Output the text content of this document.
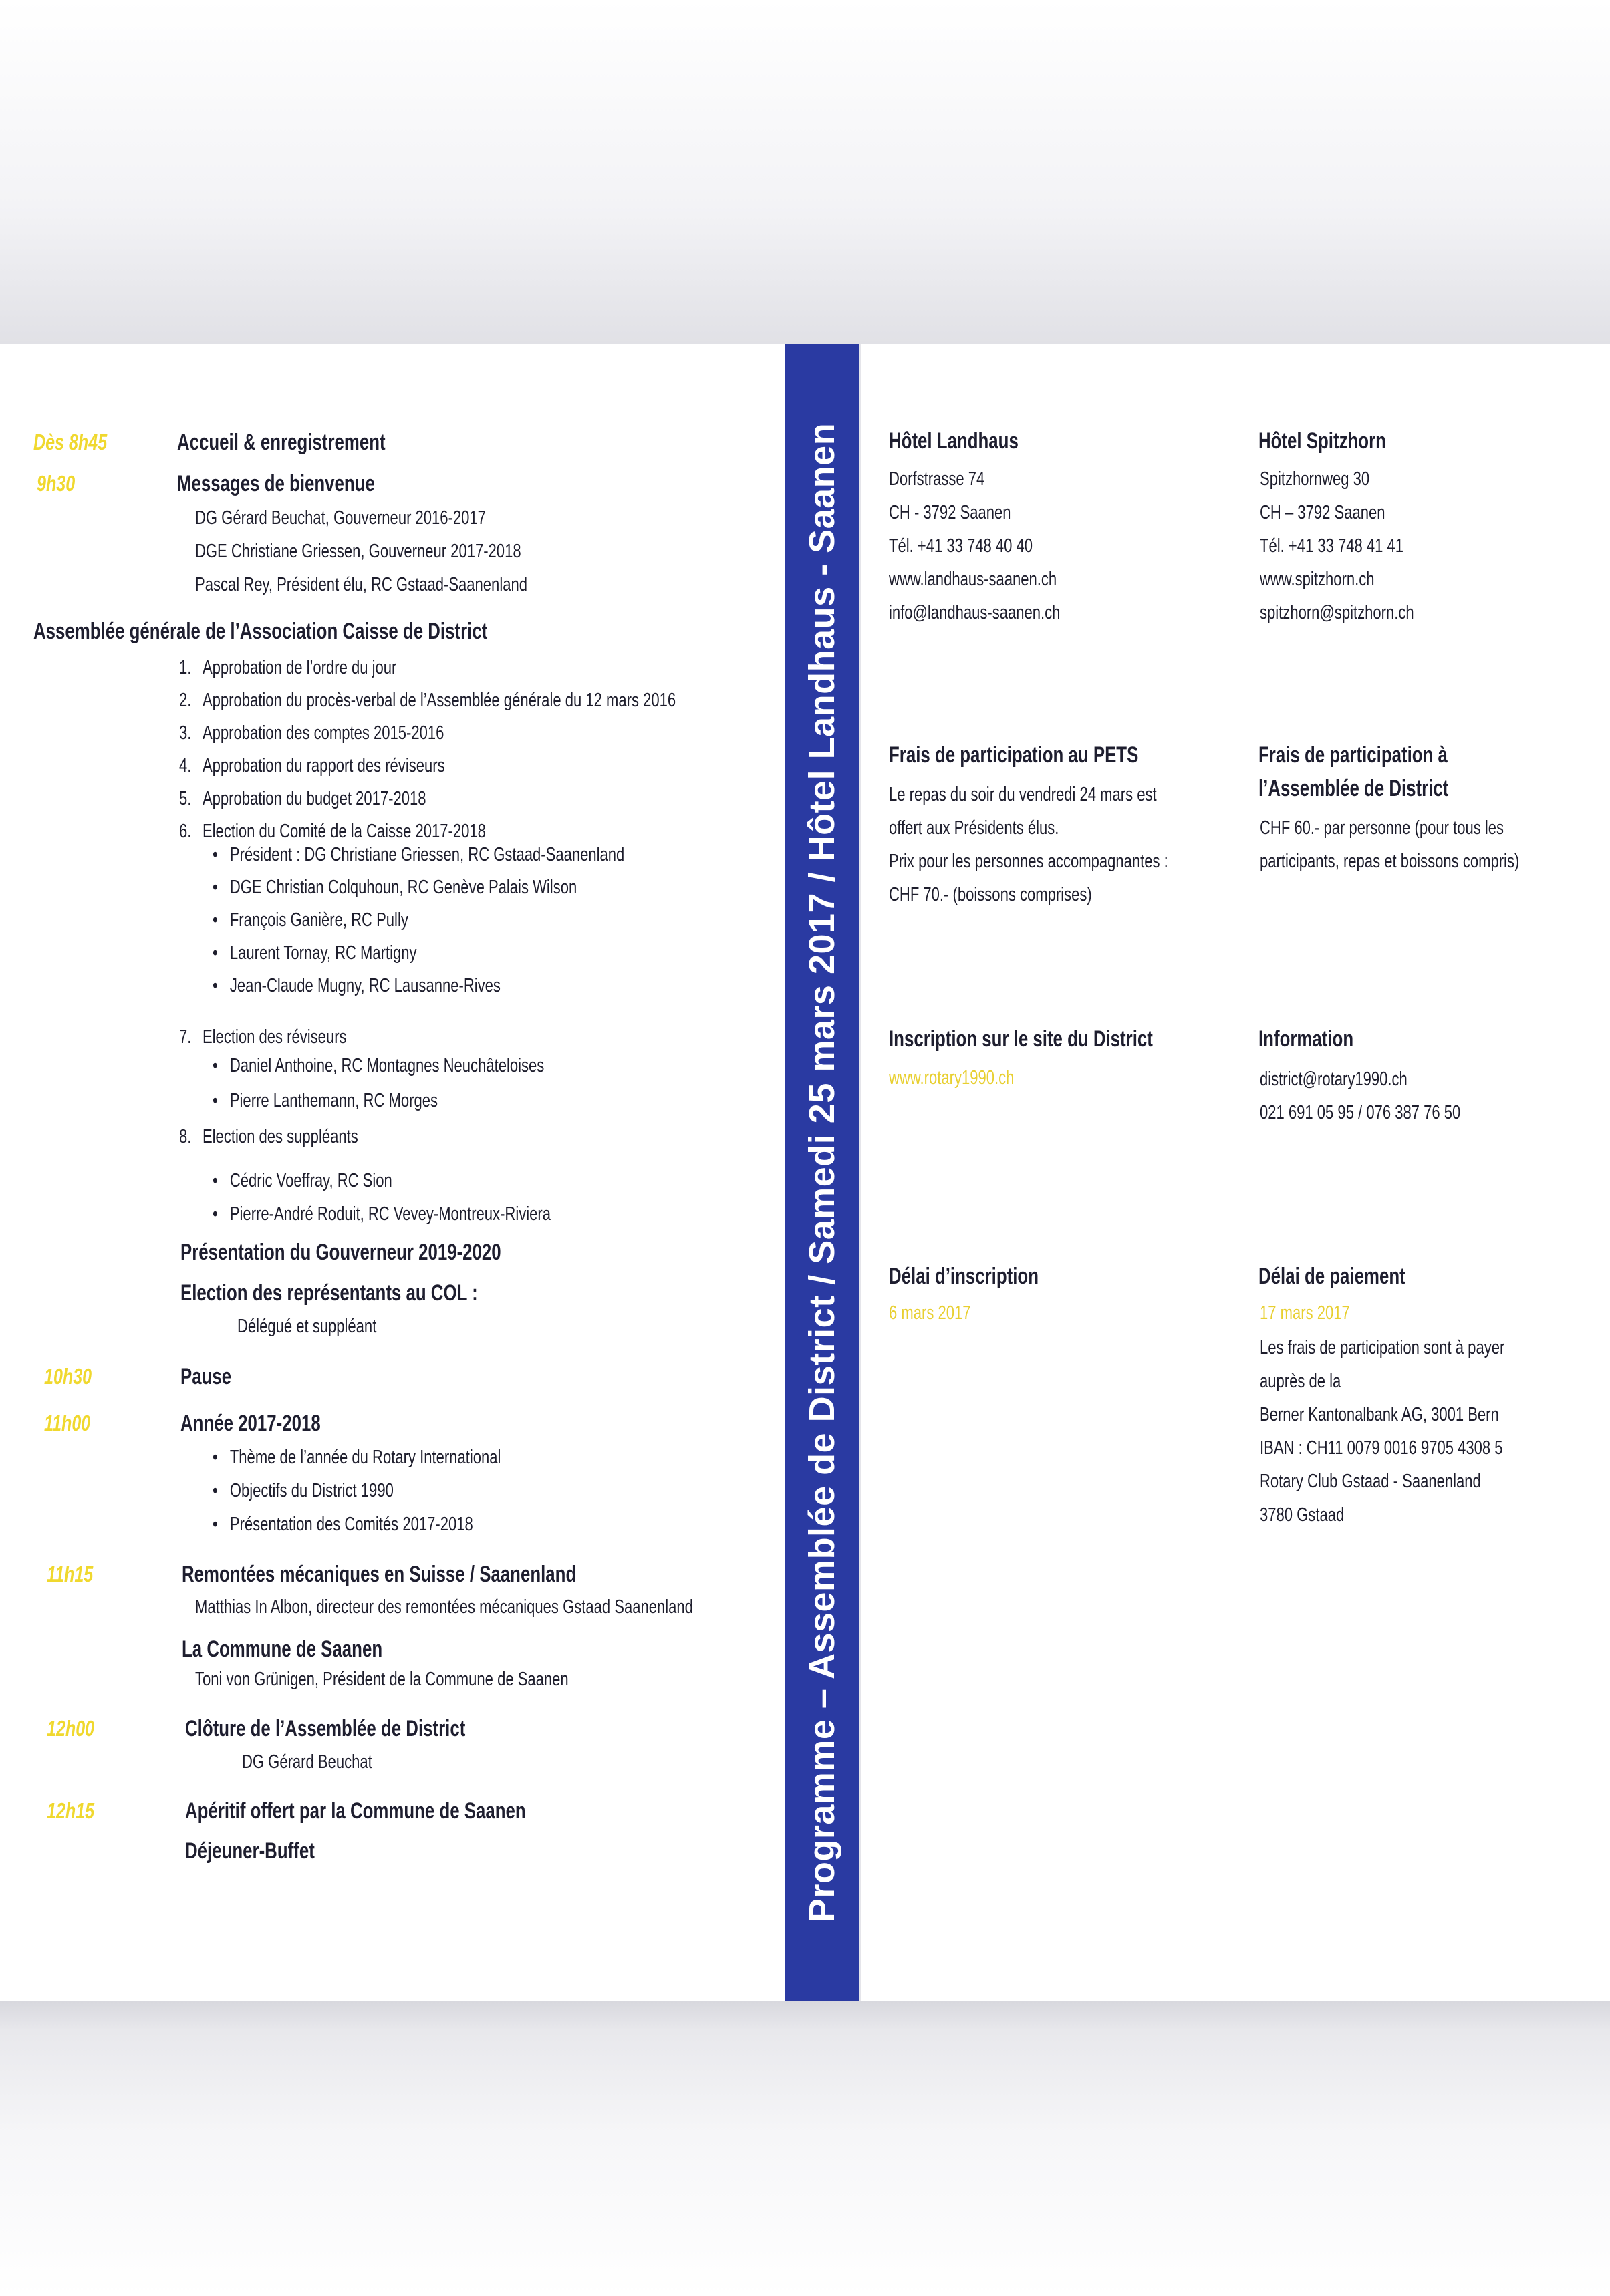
Dès 8h45	Accueil & enregistrement

9h30	Messages de bienvenue

DG Gérard Beuchat, Gouverneur 2016-2017

DGE Christiane Griessen, Gouverneur 2017-2018

Pascal Rey, Président élu, RC Gstaad-Saanenland

Assemblée générale de l’Association Caisse de District

1. Approbation de l’ordre du jour

2. Approbation du procès-verbal de l’Assemblée générale du 12 mars 2016

3. Approbation des comptes 2015-2016

4. Approbation du rapport des réviseurs

5. Approbation du budget 2017-2018

6. Election du Comité de la Caisse 2017-2018

• Président : DG Christiane Griessen, RC Gstaad-Saanenland

• DGE Christian Colquhoun, RC Genève Palais Wilson

• François Ganière, RC Pully

• Laurent Tornay, RC Martigny

• Jean-Claude Mugny, RC Lausanne-Rives

7. Election des réviseurs

• Daniel Anthoine, RC Montagnes Neuchâteloises

• Pierre Lanthemann, RC Morges

8. Election des suppléants

• Cédric Voeffray, RC Sion

• Pierre-André Roduit, RC Vevey-Montreux-Riviera

Présentation du Gouverneur 2019-2020

Election des représentants au COL :

Délégué et suppléant

10h30	Pause

11h00	Année 2017-2018

• Thème de l’année du Rotary International

• Objectifs du District 1990

• Présentation des Comités 2017-2018

11h15	Remontées mécaniques en Suisse / Saanenland

Matthias In Albon, directeur des remontées mécaniques Gstaad Saanenland

La Commune de Saanen

Toni von Grünigen, Président de la Commune de Saanen

12h00	Clôture de l’Assemblée de District

DG Gérard Beuchat

12h15	Apéritif offert par la Commune de Saanen

Déjeuner-Buffet	Programme – Assemblée de District / Samedi 25 mars 2017 / Hôtel Landhaus - Saanen Hôtel Landhaus

Dorfstrasse 74

CH - 3792 Saanen

Tél. +41 33 748 40 40

www.landhaus-saanen.ch

info@landhaus-saanen.ch

Hôtel Spitzhorn

Spitzhornweg 30

CH – 3792 Saanen

Tél. +41 33 748 41 41

www.spitzhorn.ch

spitzhorn@spitzhorn.ch

Frais de participation au PETS

Le repas du soir du vendredi 24 mars est

offert aux Présidents élus.

Prix pour les personnes accompagnantes :

CHF 70.- (boissons comprises)

Frais de participation à

l’Assemblée de District

CHF 60.- par personne (pour tous les

participants, repas et boissons compris)

Inscription sur le site du District

www.rotary1990.ch

Information

district@rotary1990.ch

021 691 05 95 / 076 387 76 50

Délai d’inscription

6 mars 2017

Délai de paiement

17 mars 2017

Les frais de participation sont à payer

auprès de la

Berner Kantonalbank AG, 3001 Bern

IBAN : CH11 0079 0016 9705 4308 5

Rotary Club Gstaad - Saanenland

3780 Gstaad
